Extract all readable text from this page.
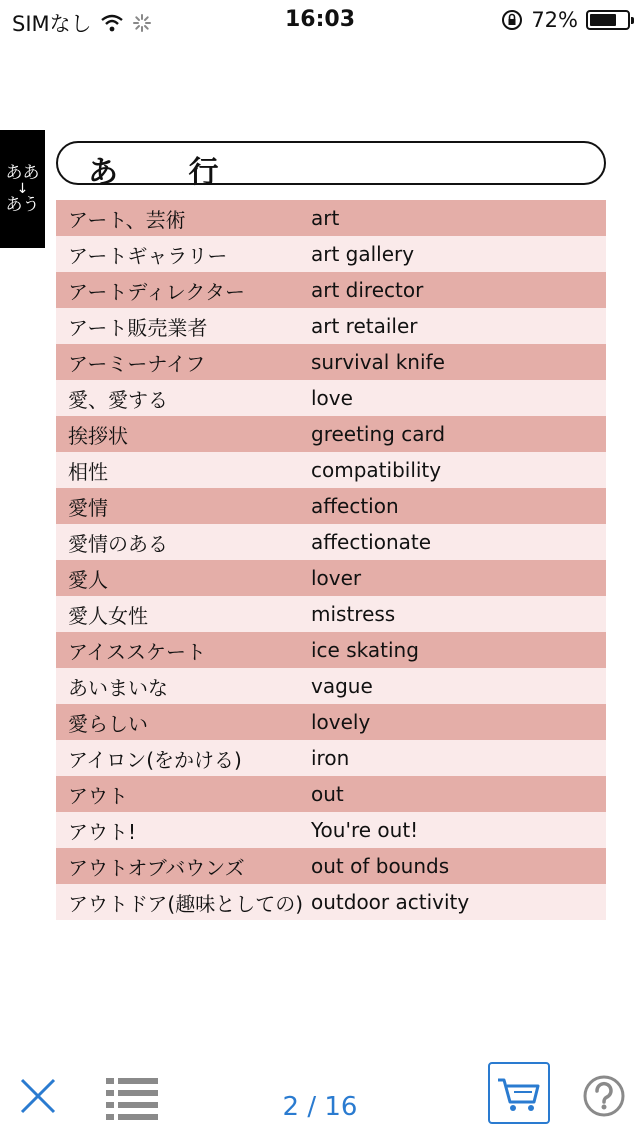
SIMなし	16:03	72%
ああ
↓
あう
あ 行
アート、芸術	art
アートギャラリー	art gallery
アートディレクター	art director
アート販売業者	art retailer
アーミーナイフ	survival knife
愛、愛する	love
挨拶状	greeting card
相性	compatibility
愛情	affection
愛情のある	affectionate
愛人	lover
愛人女性	mistress
アイススケート	ice skating
あいまいな	vague
愛らしい	lovely
アイロン(をかける)	iron
アウト	out
アウト!	You're out!
アウトオブバウンズ	out of bounds
アウトドア(趣味としての) outdoor activity
2 / 16
